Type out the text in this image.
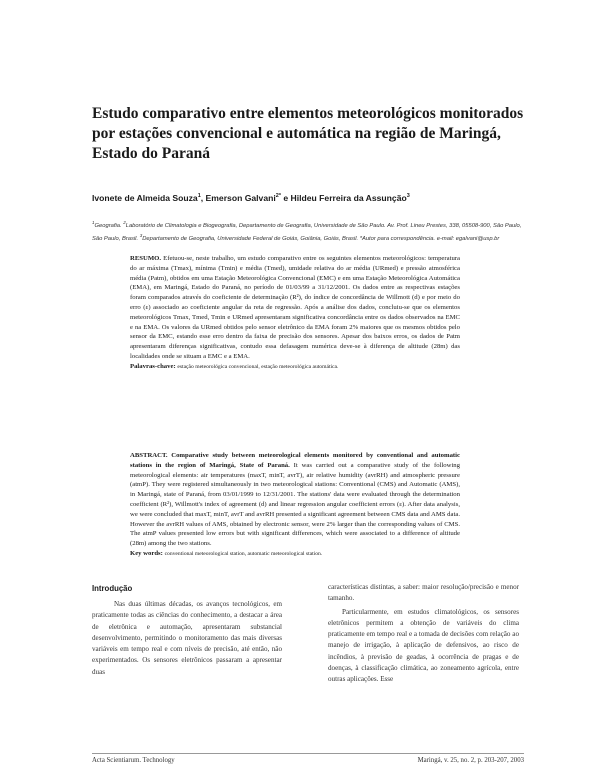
Estudo comparativo entre elementos meteorológicos monitorados por estações convencional e automática na região de Maringá, Estado do Paraná
Ivonete de Almeida Souza$^1$, Emerson Galvani$^{2*}$ e Hildeu Ferreira da Assunção$^3$
$^1$Geografia. $^2$Laboratório de Climatologia e Biogeografia, Departamento de Geografia, Universidade de São Paulo. Av. Prof. Lineu Prestes, 338, 05508-900, São Paulo, São Paulo, Brasil. $^3$Departamento de Geografia, Universidade Federal de Goiás, Goiânia, Goiás, Brasil. *Autor para correspondência. e-mail: egalvani@usp.br
RESUMO. Efetuou-se, neste trabalho, um estudo comparativo entre os seguintes elementos meteorológicos: temperatura do ar máxima (Tmax), mínima (Tmin) e média (Tmed), umidade relativa do ar média (URmed) e pressão atmosférica média (Patm), obtidos em uma Estação Meteorológica Convencional (EMC) e em uma Estação Meteorológica Automática (EMA), em Maringá, Estado do Paraná, no período de 01/03/99 a 31/12/2001. Os dados entre as respectivas estações foram comparados através do coeficiente de determinação (R²), do índice de concordância de Willmott (d) e por meio do erro (ε) associado ao coeficiente angular da reta de regressão. Após a análise dos dados, concluiu-se que os elementos meteorológicos Tmax, Tmed, Tmin e URmed apresentaram significativa concordância entre os dados observados na EMC e na EMA. Os valores da URmed obtidos pelo sensor eletrônico da EMA foram 2% maiores que os mesmos obtidos pelo sensor da EMC, estando esse erro dentro da faixa de precisão dos sensores. Apesar dos baixos erros, os dados de Patm apresentaram diferenças significativas, contudo essa defasagem numérica deve-se à diferença de altitude (28m) das localidades onde se situam a EMC e a EMA.
Palavras-chave: estação meteorológica convencional, estação meteorológica automática.
ABSTRACT. Comparative study between meteorological elements monitored by conventional and automatic stations in the region of Maringá, State of Paraná. It was carried out a comparative study of the following meteorological elements: air temperatures (maxT, minT, avrT), air relative humidity (avrRH) and atmospheric pressure (atmP). They were registered simultaneously in two meteorological stations: Conventional (CMS) and Automatic (AMS), in Maringá, state of Paraná, from 03/01/1999 to 12/31/2001. The stations' data were evaluated through the determination coefficient (R²), Willmott's index of agreement (d) and linear regression angular coefficient errors (ε). After data analysis, we were concluded that maxT, minT, avrT and avrRH presented a significant agreement between CMS data and AMS data. However the avrRH values of AMS, obtained by electronic sensor, were 2% larger than the corresponding values of CMS. The atmP values presented low errors but with significant differences, which were associated to a difference of altitude (28m) among the two stations.
Key words: conventional meteorological station, automatic meteorological station.
Introdução

Nas duas últimas décadas, os avanços tecnológicos, em praticamente todas as ciências do conhecimento, a destacar a área de eletrônica e automação, apresentaram substancial desenvolvimento, permitindo o monitoramento das mais diversas variáveis em tempo real e com níveis de precisão, até então, não experimentados. Os sensores eletrônicos passaram a apresentar duas

características distintas, a saber: maior resolução/precisão e menor tamanho.

Particularmente, em estudos climatológicos, os sensores eletrônicos permitem a obtenção de variáveis do clima praticamente em tempo real e a tomada de decisões com relação ao manejo de irrigação, à aplicação de defensivos, ao risco de incêndios, à previsão de geadas, à ocorrência de pragas e de doenças, à classificação climática, ao zoneamento agrícola, entre outras aplicações. Esse

Acta Scientiarum. Technology	Maringá, v. 25, no. 2, p. 203-207, 2003
